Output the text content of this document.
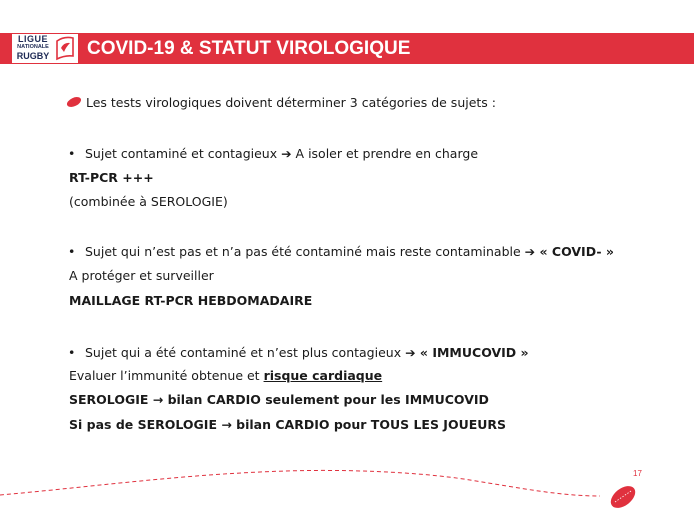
LIGUE
NATIONALE
RUGBY COVID-19 & STATUT VIROLOGIQUE
Les tests virologiques doivent déterminer 3 catégories de sujets :
• Sujet contaminé et contagieux ➔ A isoler et prendre en charge
RT-PCR +++
(combinée à SEROLOGIE)
• Sujet qui n’est pas et n’a pas été contaminé mais reste contaminable ➔ « COVID- »
A protéger et surveiller
MAILLAGE RT-PCR HEBDOMADAIRE
• Sujet qui a été contaminé et n’est plus contagieux ➔ « IMMUCOVID »
Evaluer l’immunité obtenue et risque cardiaque
SEROLOGIE → bilan CARDIO seulement pour les IMMUCOVID
Si pas de SEROLOGIE → bilan CARDIO pour TOUS LES JOUEURS
17
